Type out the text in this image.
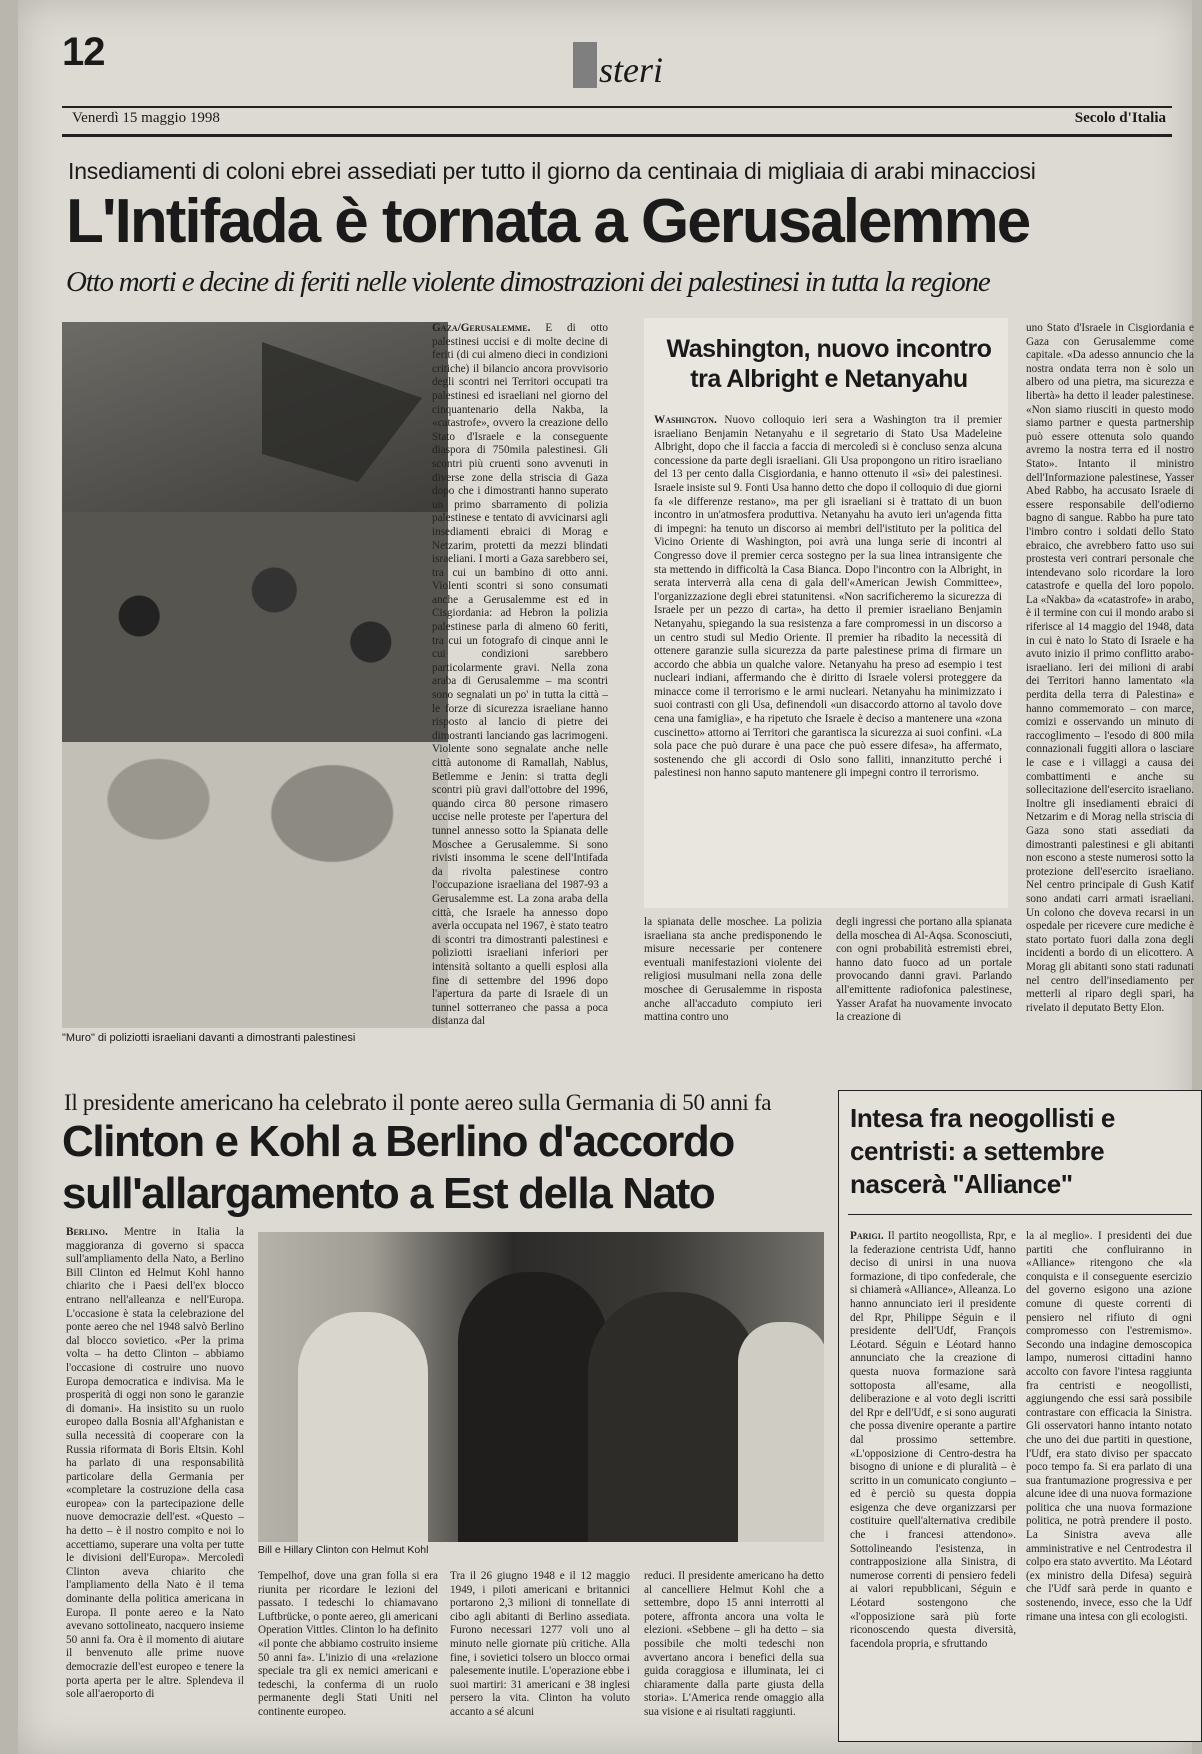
12	steri
Venerdì 15 maggio 1998	Secolo d'Italia
Insediamenti di coloni ebrei assediati per tutto il giorno da centinaia di migliaia di arabi minacciosi
L'Intifada è tornata a Gerusalemme
Otto morti e decine di feriti nelle violente dimostrazioni dei palestinesi in tutta la regione
"Muro" di poliziotti israeliani davanti a dimostranti palestinesi
Gaza/Gerusalemme. E di otto palestinesi uccisi e di molte decine di feriti (di cui almeno dieci in condizioni critiche) il bilancio ancora provvisorio degli scontri nei Territori occupati tra palestinesi ed israeliani nel giorno del cinquantenario della Nakba, la «catastrofe», ovvero la creazione dello Stato d'Israele e la conseguente diaspora di 750mila palestinesi. Gli scontri più cruenti sono avvenuti in diverse zone della striscia di Gaza dopo che i dimostranti hanno superato un primo sbarramento di polizia palestinese e tentato di avvicinarsi agli insediamenti ebraici di Morag e Netzarim, protetti da mezzi blindati israeliani. I morti a Gaza sarebbero sei, tra cui un bambino di otto anni. Violenti scontri si sono consumati anche a Gerusalemme est ed in Cisgiordania: ad Hebron la polizia palestinese parla di almeno 60 feriti, tra cui un fotografo di cinque anni le cui condizioni sarebbero particolarmente gravi. Nella zona araba di Gerusalemme – ma scontri sono segnalati un po' in tutta la città – le forze di sicurezza israeliane hanno risposto al lancio di pietre dei dimostranti lanciando gas lacrimogeni. Violente sono segnalate anche nelle città autonome di Ramallah, Nablus, Betlemme e Jenin: si tratta degli scontri più gravi dall'ottobre del 1996, quando circa 80 persone rimasero uccise nelle proteste per l'apertura del tunnel annesso sotto la Spianata delle Moschee a Gerusalemme. Si sono rivisti insomma le scene dell'Intifada da rivolta palestinese contro l'occupazione israeliana del 1987-93 a Gerusalemme est. La zona araba della città, che Israele ha annesso dopo averla occupata nel 1967, è stato teatro di scontri tra dimostranti palestinesi e poliziotti israeliani inferiori per intensità soltanto a quelli esplosi alla fine di settembre del 1996 dopo l'apertura da parte di Israele di un tunnel sotterraneo che passa a poca distanza dal
Washington, nuovo incontro tra Albright e Netanyahu
Washington. Nuovo colloquio ieri sera a Washington tra il premier israeliano Benjamin Netanyahu e il segretario di Stato Usa Madeleine Albright, dopo che il faccia a faccia di mercoledì si è concluso senza alcuna concessione da parte degli israeliani. Gli Usa propongono un ritiro israeliano del 13 per cento dalla Cisgiordania, e hanno ottenuto il «sì» dei palestinesi. Israele insiste sul 9. Fonti Usa hanno detto che dopo il colloquio di due giorni fa «le differenze restano», ma per gli israeliani si è trattato di un buon incontro in un'atmosfera produttiva. Netanyahu ha avuto ieri un'agenda fitta di impegni: ha tenuto un discorso ai membri dell'istituto per la politica del Vicino Oriente di Washington, poi avrà una lunga serie di incontri al Congresso dove il premier cerca sostegno per la sua linea intransigente che sta mettendo in difficoltà la Casa Bianca. Dopo l'incontro con la Albright, in serata interverrà alla cena di gala dell'«American Jewish Committee», l'organizzazione degli ebrei statunitensi. «Non sacrificheremo la sicurezza di Israele per un pezzo di carta», ha detto il premier israeliano Benjamin Netanyahu, spiegando la sua resistenza a fare compromessi in un discorso a un centro studi sul Medio Oriente. Il premier ha ribadito la necessità di ottenere garanzie sulla sicurezza da parte palestinese prima di firmare un accordo che abbia un qualche valore. Netanyahu ha preso ad esempio i test nucleari indiani, affermando che è diritto di Israele volersi proteggere da minacce come il terrorismo e le armi nucleari. Netanyahu ha minimizzato i suoi contrasti con gli Usa, definendoli «un disaccordo attorno al tavolo dove cena una famiglia», e ha ripetuto che Israele è deciso a mantenere una «zona cuscinetto» attorno ai Territori che garantisca la sicurezza ai suoi confini. «La sola pace che può durare è una pace che può essere difesa», ha affermato, sostenendo che gli accordi di Oslo sono falliti, innanzitutto perché i palestinesi non hanno saputo mantenere gli impegni contro il terrorismo.
la spianata delle moschee. La polizia israeliana sta anche predisponendo le misure necessarie per contenere eventuali manifestazioni violente dei religiosi musulmani nella zona delle moschee di Gerusalemme in risposta anche all'accaduto compiuto ieri mattina contro uno
degli ingressi che portano alla spianata della moschea di Al-Aqsa. Sconosciuti, con ogni probabilità estremisti ebrei, hanno dato fuoco ad un portale provocando danni gravi. Parlando all'emittente radiofonica palestinese, Yasser Arafat ha nuovamente invocato la creazione di
uno Stato d'Israele in Cisgiordania e Gaza con Gerusalemme come capitale. «Da adesso annuncio che la nostra ondata terra non è solo un albero od una pietra, ma sicurezza e libertà» ha detto il leader palestinese. «Non siamo riusciti in questo modo siamo partner e questa partnership può essere ottenuta solo quando avremo la nostra terra ed il nostro Stato». Intanto il ministro dell'Informazione palestinese, Yasser Abed Rabbo, ha accusato Israele di essere responsabile dell'odierno bagno di sangue. Rabbo ha pure tato l'imbro contro i soldati dello Stato ebraico, che avrebbero fatto uso sui prostesta veri contrari personale che intendevano solo ricordare la loro catastrofe e quella del loro popolo. La «Nakba» da «catastrofe» in arabo, è il termine con cui il mondo arabo si riferisce al 14 maggio del 1948, data in cui è nato lo Stato di Israele e ha avuto inizio il primo conflitto arabo-israeliano. Ieri dei milioni di arabi dei Territori hanno lamentato «la perdita della terra di Palestina» e hanno commemorato – con marce, comizi e osservando un minuto di raccoglimento – l'esodo di 800 mila connazionali fuggiti allora o lasciare le case e i villaggi a causa dei combattimenti e anche su sollecitazione dell'esercito israeliano. Inoltre gli insediamenti ebraici di Netzarim e di Morag nella striscia di Gaza sono stati assediati da dimostranti palestinesi e gli abitanti non escono a steste numerosi sotto la protezione dell'esercito israeliano. Nel centro principale di Gush Katif sono andati carri armati israeliani. Un colono che doveva recarsi in un ospedale per ricevere cure mediche è stato portato fuori dalla zona degli incidenti a bordo di un elicottero. A Morag gli abitanti sono stati radunati nel centro dell'insediamento per metterli al riparo degli spari, ha rivelato il deputato Betty Elon.
Il presidente americano ha celebrato il ponte aereo sulla Germania di 50 anni fa
Clinton e Kohl a Berlino d'accordo sull'allargamento a Est della Nato
Berlino. Mentre in Italia la maggioranza di governo si spacca sull'ampliamento della Nato, a Berlino Bill Clinton ed Helmut Kohl hanno chiarito che i Paesi dell'ex blocco entrano nell'alleanza e nell'Europa. L'occasione è stata la celebrazione del ponte aereo che nel 1948 salvò Berlino dal blocco sovietico. «Per la prima volta – ha detto Clinton – abbiamo l'occasione di costruire uno nuovo Europa democratica e indivisa. Ma le prosperità di oggi non sono le garanzie di domani». Ha insistito su un ruolo europeo dalla Bosnia all'Afghanistan e sulla necessità di cooperare con la Russia riformata di Boris Eltsin. Kohl ha parlato di una responsabilità particolare della Germania per «completare la costruzione della casa europea» con la partecipazione delle nuove democrazie dell'est. «Questo – ha detto – è il nostro compito e noi lo accettiamo, superare una volta per tutte le divisioni dell'Europa». Mercoledì Clinton aveva chiarito che l'ampliamento della Nato è il tema dominante della politica americana in Europa. Il ponte aereo e la Nato avevano sottolineato, nacquero insieme 50 anni fa. Ora è il momento di aiutare il benvenuto alle prime nuove democrazie dell'est europeo e tenere la porta aperta per le altre. Splendeva il sole all'aeroporto di
Bill e Hillary Clinton con Helmut Kohl
Tempelhof, dove una gran folla si era riunita per ricordare le lezioni del passato. I tedeschi lo chiamavano Luftbrücke, o ponte aereo, gli americani Operation Vittles. Clinton lo ha definito «il ponte che abbiamo costruito insieme 50 anni fa». L'inizio di una «relazione speciale tra gli ex nemici americani e tedeschi, la conferma di un ruolo permanente degli Stati Uniti nel continente europeo.
Tra il 26 giugno 1948 e il 12 maggio 1949, i piloti americani e britannici portarono 2,3 milioni di tonnellate di cibo agli abitanti di Berlino assediata. Furono necessari 1277 voli uno al minuto nelle giornate più critiche. Alla fine, i sovietici tolsero un blocco ormai palesemente inutile. L'operazione ebbe i suoi martiri: 31 americani e 38 inglesi persero la vita. Clinton ha voluto accanto a sé alcuni
reduci. Il presidente americano ha detto al cancelliere Helmut Kohl che a settembre, dopo 15 anni interrotti al potere, affronta ancora una volta le elezioni. «Sebbene – gli ha detto – sia possibile che molti tedeschi non avvertano ancora i benefici della sua guida coraggiosa e illuminata, lei ci chiaramente dalla parte giusta della storia». L'America rende omaggio alla sua visione e ai risultati raggiunti.
Intesa fra neogollisti e centristi: a settembre nascerà "Alliance"
Parigi. Il partito neogollista, Rpr, e la federazione centrista Udf, hanno deciso di unirsi in una nuova formazione, di tipo confederale, che si chiamerà «Alliance», Alleanza. Lo hanno annunciato ieri il presidente del Rpr, Philippe Séguin e il presidente dell'Udf, François Léotard. Séguin e Léotard hanno annunciato che la creazione di questa nuova formazione sarà sottoposta all'esame, alla deliberazione e al voto degli iscritti del Rpr e dell'Udf, e si sono augurati che possa divenire operante a partire dal prossimo settembre. «L'opposizione di Centro-destra ha bisogno di unione e di pluralità – è scritto in un comunicato congiunto – ed è perciò su questa doppia esigenza che deve organizzarsi per costituire quell'alternativa credibile che i francesi attendono». Sottolineando l'esistenza, in contrapposizione alla Sinistra, di numerose correnti di pensiero fedeli ai valori repubblicani, Séguin e Léotard sostengono che «l'opposizione sarà più forte riconoscendo questa diversità, facendola propria, e sfruttando
la al meglio». I presidenti dei due partiti che confluiranno in «Alliance» ritengono che «la conquista e il conseguente esercizio del governo esigono una azione comune di queste correnti di pensiero nel rifiuto di ogni compromesso con l'estremismo». Secondo una indagine demoscopica lampo, numerosi cittadini hanno accolto con favore l'intesa raggiunta fra centristi e neogollisti, aggiungendo che essi sarà possibile contrastare con efficacia la Sinistra. Gli osservatori hanno intanto notato che uno dei due partiti in questione, l'Udf, era stato diviso per spaccato poco tempo fa. Si era parlato di una sua frantumazione progressiva e per alcune idee di una nuova formazione politica che una nuova formazione politica, ne potrà prendere il posto. La Sinistra aveva alle amministrative e nel Centrodestra il colpo era stato avvertito. Ma Léotard (ex ministro della Difesa) seguirà che l'Udf sarà perde in quanto e sostenendo, invece, esso che la Udf rimane una intesa con gli ecologisti.
